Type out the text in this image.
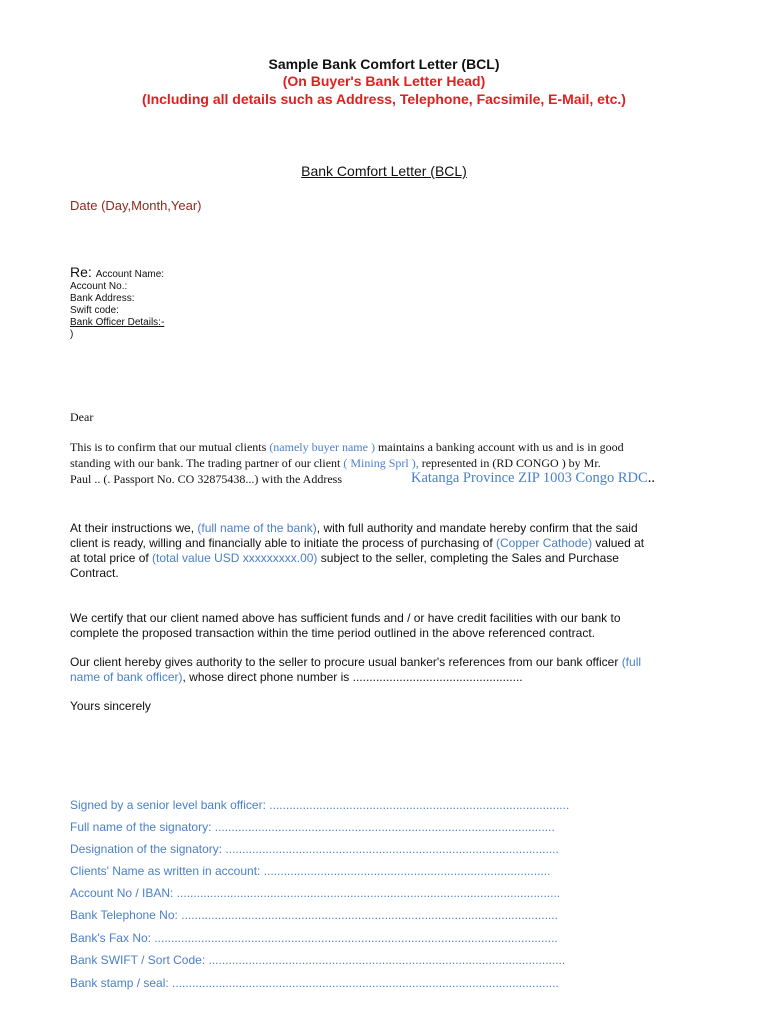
Sample Bank Comfort Letter (BCL)
(On Buyer's Bank Letter Head)
(Including all details such as Address, Telephone, Facsimile, E-Mail, etc.)
Bank Comfort Letter (BCL)
Date (Day,Month,Year)
Re: Account Name:
Account No.:
Bank Address:
Swift code:
Bank Officer Details:-
)
Dear
This is to confirm that our mutual clients (namely buyer name ) maintains a banking account with us and is in good
standing with our bank. The trading partner of our client ( Mining Sprl ), represented in (RD CONGO ) by Mr.
Paul .. (. Passport No. CO 32875438...) with the Address	Katanga Province ZIP 1003 Congo RDC..
At their instructions we, (full name of the bank), with full authority and mandate hereby confirm that the said
client is ready, willing and financially able to initiate the process of purchasing of (Copper Cathode) valued at
at total price of (total value USD xxxxxxxxx.00) subject to the seller, completing the Sales and Purchase
Contract.
We certify that our client named above has sufficient funds and / or have credit facilities with our bank to
complete the proposed transaction within the time period outlined in the above referenced contract.
Our client hereby gives authority to the seller to procure usual banker's references from our bank officer (full
name of bank officer), whose direct phone number is ...................................................
Yours sincerely
Signed by a senior level bank officer: ..........................................................................................
Full name of the signatory: ......................................................................................................
Designation of the signatory: ....................................................................................................
Clients' Name as written in account: ......................................................................................
Account No / IBAN: ...................................................................................................................
Bank Telephone No: .................................................................................................................
Bank's Fax No: .........................................................................................................................
Bank SWIFT / Sort Code: ...........................................................................................................
Bank stamp / seal: ....................................................................................................................
